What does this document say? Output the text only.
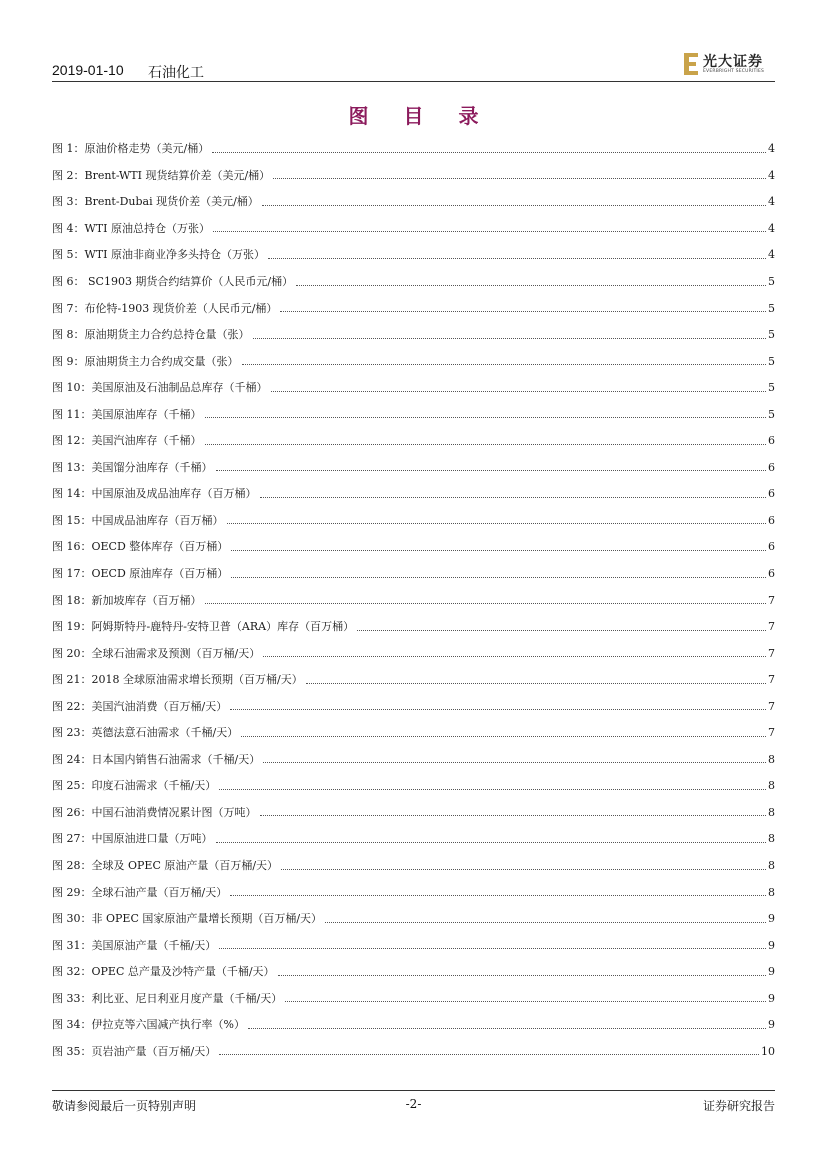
2019-01-10 石油化工
光大证券
EVERBRIGHT SECURITIES
图 目 录
图 1：原油价格走势（美元/桶）	4
图 2：Brent-WTI 现货结算价差（美元/桶）	4
图 3：Brent-Dubai 现货价差（美元/桶）	4
图 4：WTI 原油总持仓（万张）	4
图 5：WTI 原油非商业净多头持仓（万张）	4
图 6： SC1903 期货合约结算价（人民币元/桶）	5
图 7：布伦特-1903 现货价差（人民币元/桶）	5
图 8：原油期货主力合约总持仓量（张）	5
图 9：原油期货主力合约成交量（张）	5
图 10：美国原油及石油制品总库存（千桶）	5
图 11：美国原油库存（千桶）	5
图 12：美国汽油库存（千桶）	6
图 13：美国馏分油库存（千桶）	6
图 14：中国原油及成品油库存（百万桶）	6
图 15：中国成品油库存（百万桶）	6
图 16：OECD 整体库存（百万桶）	6
图 17：OECD 原油库存（百万桶）	6
图 18：新加坡库存（百万桶）	7
图 19：阿姆斯特丹-鹿特丹-安特卫普（ARA）库存（百万桶）	7
图 20：全球石油需求及预测（百万桶/天）	7
图 21：2018 全球原油需求增长预期（百万桶/天）	7
图 22：美国汽油消费（百万桶/天）	7
图 23：英德法意石油需求（千桶/天）	7
图 24：日本国内销售石油需求（千桶/天）	8
图 25：印度石油需求（千桶/天）	8
图 26：中国石油消费情况累计图（万吨）	8
图 27：中国原油进口量（万吨）	8
图 28：全球及 OPEC 原油产量（百万桶/天）	8
图 29：全球石油产量（百万桶/天）	8
图 30：非 OPEC 国家原油产量增长预期（百万桶/天）	9
图 31：美国原油产量（千桶/天）	9
图 32：OPEC 总产量及沙特产量（千桶/天）	9
图 33：利比亚、尼日利亚月度产量（千桶/天）	9
图 34：伊拉克等六国减产执行率（%）	9
图 35：页岩油产量（百万桶/天）	10
敬请参阅最后一页特别声明	-2-	证券研究报告
